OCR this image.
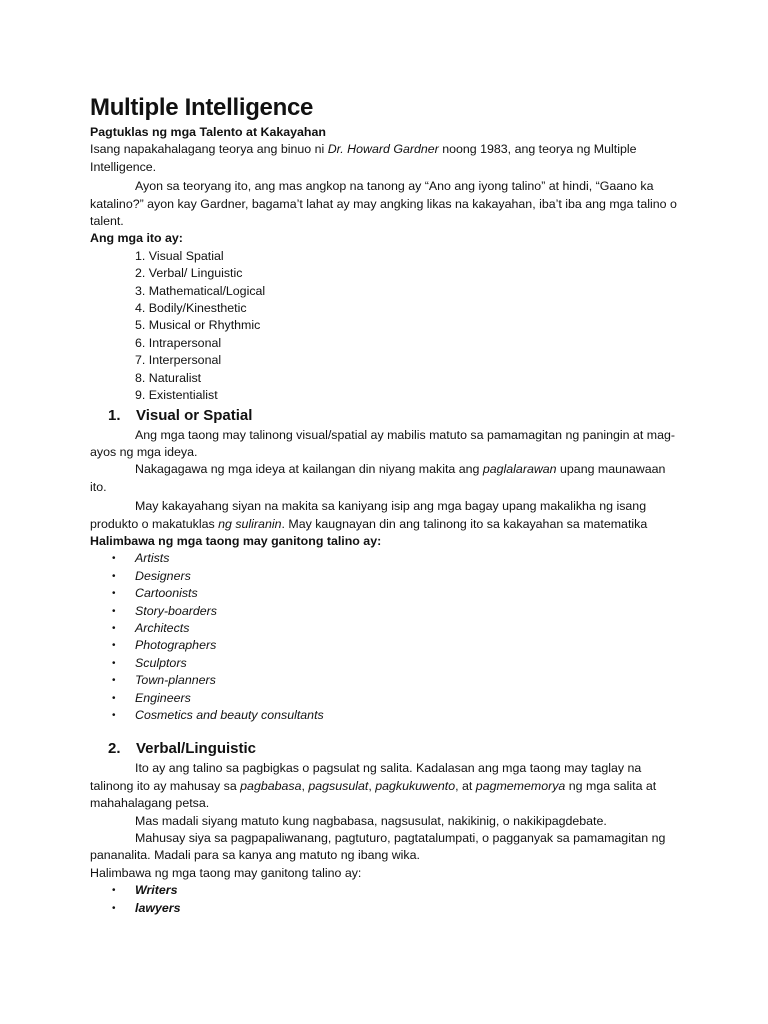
Multiple Intelligence
Pagtuklas ng mga Talento at Kakayahan

Isang napakahalagang teorya ang binuo ni Dr. Howard Gardner noong 1983, ang teorya ng Multiple Intelligence.

Ayon sa teoryang ito, ang mas angkop na tanong ay “Ano ang iyong talino” at hindi, “Gaano ka katalino?” ayon kay Gardner, bagama’t lahat ay may angking likas na kakayahan, iba’t iba ang mga talino o talent.

Ang mga ito ay:
1. Visual Spatial
2. Verbal/ Linguistic
3. Mathematical/Logical
4. Bodily/Kinesthetic
5. Musical or Rhythmic
6. Intrapersonal
7. Interpersonal
8. Naturalist
9. Existentialist
1.	Visual or Spatial

Ang mga taong may talinong visual/spatial ay mabilis matuto sa pamamagitan ng paningin at mag-ayos ng mga ideya.

Nakagagawa ng mga ideya at kailangan din niyang makita ang paglalarawan upang maunawaan ito.

May kakayahang siyan na makita sa kaniyang isip ang mga bagay upang makalikha ng isang produkto o makatuklas ng suliranin. May kaugnayan din ang talinong ito sa kakayahan sa matematika

Halimbawa ng mga taong may ganitong talino ay:
• Artists
• Designers
• Cartoonists
• Story-boarders
• Architects
• Photographers
• Sculptors
• Town-planners
• Engineers
• Cosmetics and beauty consultants
2.	Verbal/Linguistic

Ito ay ang talino sa pagbigkas o pagsulat ng salita. Kadalasan ang mga taong may taglay na talinong ito ay mahusay sa pagbabasa, pagsusulat, pagkukuwento, at pagmememorya ng mga salita at mahahalagang petsa.

Mas madali siyang matuto kung nagbabasa, nagsusulat, nakikinig, o nakikipagdebate.

Mahusay siya sa pagpapaliwanang, pagtuturo, pagtatalumpati, o pagganyak sa pamamagitan ng pananalita. Madali para sa kanya ang matuto ng ibang wika.

Halimbawa ng mga taong may ganitong talino ay:
• Writers
• lawyers
